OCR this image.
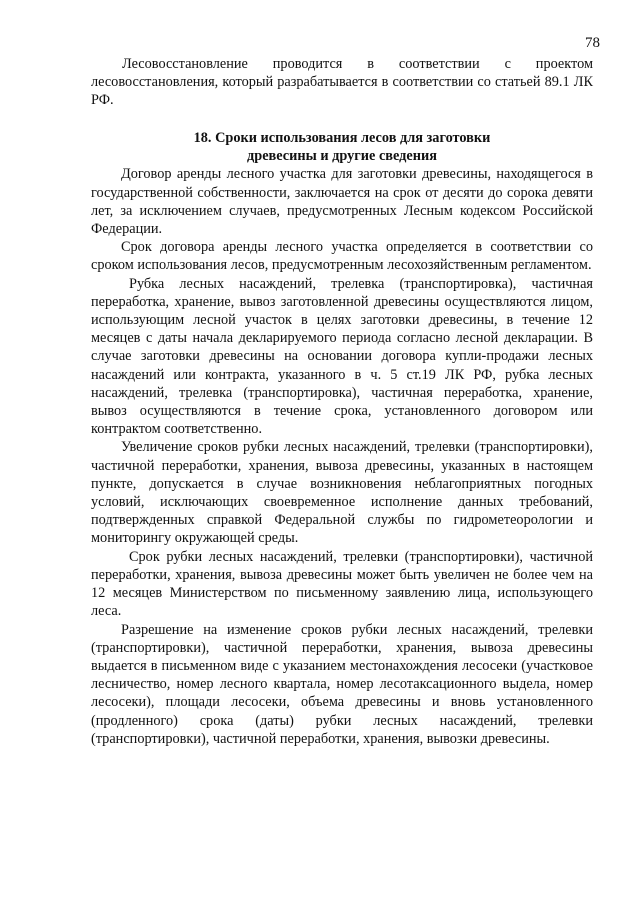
78

Лесовосстановление проводится в соответствии с проектом лесовосстановления, который разрабатывается в соответствии со статьей 89.1 ЛК РФ.

18. Сроки использования лесов для заготовки
древесины и другие сведения

Договор аренды лесного участка для заготовки древесины, находящегося в государственной собственности, заключается на срок от десяти до сорока девяти лет, за исключением случаев, предусмотренных Лесным кодексом Российской Федерации.

Срок договора аренды лесного участка определяется в соответствии со сроком использования лесов, предусмотренным лесохозяйственным регламентом.

Рубка лесных насаждений, трелевка (транспортировка), частичная переработка, хранение, вывоз заготовленной древесины осуществляются лицом, использующим лесной участок в целях заготовки древесины, в течение 12 месяцев с даты начала декларируемого периода согласно лесной декларации. В случае заготовки древесины на основании договора купли-продажи лесных насаждений или контракта, указанного в ч. 5 ст.19 ЛК РФ, рубка лесных насаждений, трелевка (транспортировка), частичная переработка, хранение, вывоз осуществляются в течение срока, установленного договором или контрактом соответственно.

Увеличение сроков рубки лесных насаждений, трелевки (транспортировки), частичной переработки, хранения, вывоза древесины, указанных в настоящем пункте, допускается в случае возникновения неблагоприятных погодных условий, исключающих своевременное исполнение данных требований, подтвержденных справкой Федеральной службы по гидрометеорологии и мониторингу окружающей среды.

Срок рубки лесных насаждений, трелевки (транспортировки), частичной переработки, хранения, вывоза древесины может быть увеличен не более чем на 12 месяцев Министерством по письменному заявлению лица, использующего леса.

Разрешение на изменение сроков рубки лесных насаждений, трелевки (транспортировки), частичной переработки, хранения, вывоза древесины выдается в письменном виде с указанием местонахождения лесосеки (участковое лесничество, номер лесного квартала, номер лесотаксационного выдела, номер лесосеки), площади лесосеки, объема древесины и вновь установленного (продленного) срока (даты) рубки лесных насаждений, трелевки (транспортировки), частичной переработки, хранения, вывозки древесины.
